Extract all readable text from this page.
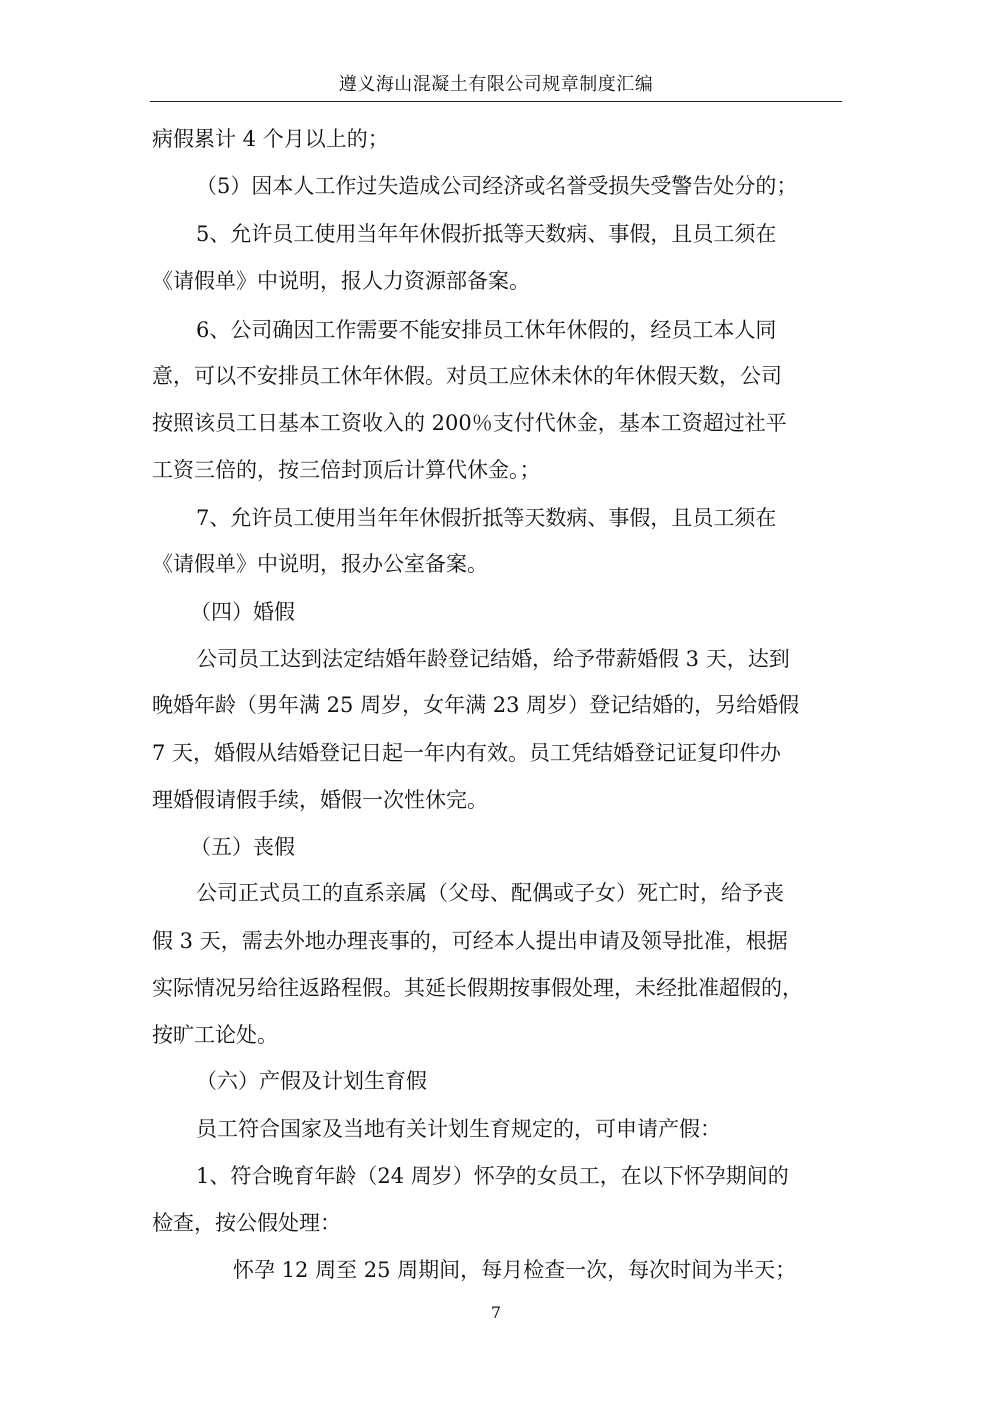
遵义海山混凝土有限公司规章制度汇编
病假累计 4 个月以上的；
（5）因本人工作过失造成公司经济或名誉受损失受警告处分的；
5、允许员工使用当年年休假折抵等天数病、事假，且员工须在
《请假单》中说明，报人力资源部备案。
6、公司确因工作需要不能安排员工休年休假的，经员工本人同
意，可以不安排员工休年休假。对员工应休未休的年休假天数，公司
按照该员工日基本工资收入的 200％支付代休金，基本工资超过社平
工资三倍的，按三倍封顶后计算代休金。；
7、允许员工使用当年年休假折抵等天数病、事假，且员工须在
《请假单》中说明，报办公室备案。
（四）婚假
公司员工达到法定结婚年龄登记结婚，给予带薪婚假 3 天，达到
晚婚年龄（男年满 25 周岁，女年满 23 周岁）登记结婚的，另给婚假
7 天，婚假从结婚登记日起一年内有效。员工凭结婚登记证复印件办
理婚假请假手续，婚假一次性休完。
（五）丧假
公司正式员工的直系亲属（父母、配偶或子女）死亡时，给予丧
假 3 天，需去外地办理丧事的，可经本人提出申请及领导批准，根据
实际情况另给往返路程假。其延长假期按事假处理，未经批准超假的，
按旷工论处。
（六）产假及计划生育假
员工符合国家及当地有关计划生育规定的，可申请产假：
1、符合晚育年龄（24 周岁）怀孕的女员工，在以下怀孕期间的
检查，按公假处理：
怀孕 12 周至 25 周期间，每月检查一次，每次时间为半天；
7
